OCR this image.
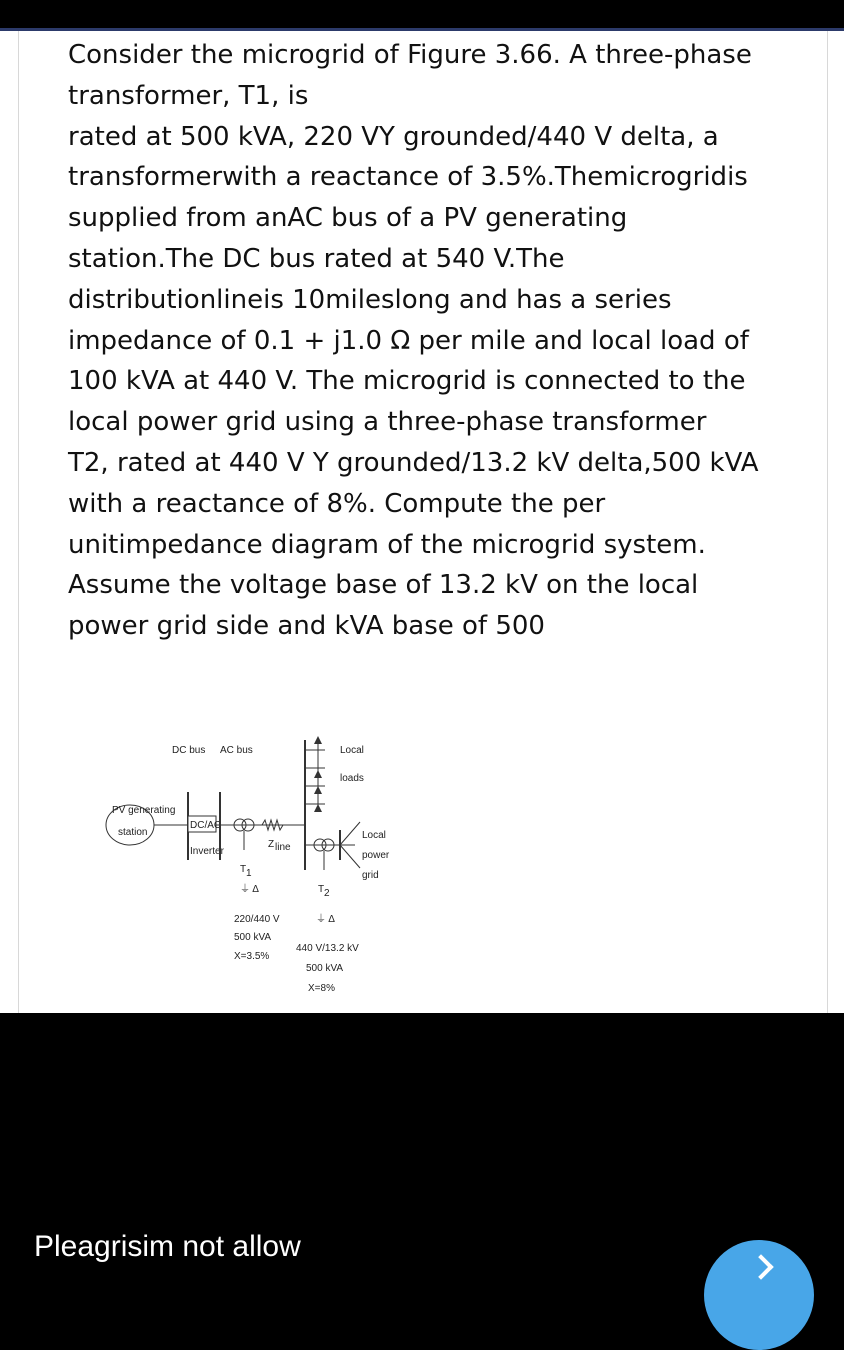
Consider the microgrid of Figure 3.66. A three-phase
transformer, T1, is
rated at 500 kVA, 220 VY grounded/440 V delta, a
transformerwith a reactance of 3.5%.Themicrogridis
supplied from anAC bus of a PV generating
station.The DC bus rated at 540 V.The
distributionlineis 10mileslong and has a series
impedance of 0.1 + j1.0 Ω per mile and local load of
100 kVA at 440 V. The microgrid is connected to the
local power grid using a three-phase transformer
T2, rated at 440 V Y grounded/13.2 kV delta,500 kVA
with a reactance of 8%. Compute the per
unitimpedance diagram of the microgrid system.
Assume the voltage base of 13.2 kV on the local
power grid side and kVA base of 500
DC bus AC bus	Local
loads
PV generating
station
DC/AC
Inverter
T 1
⏚ Δ
Z line
T 2
⏚ Δ
Local
power
grid
220/440 V
500 kVA
X=3.5%
440 V/13.2 kV
500 kVA
X=8%
Pleagrisim not allow
